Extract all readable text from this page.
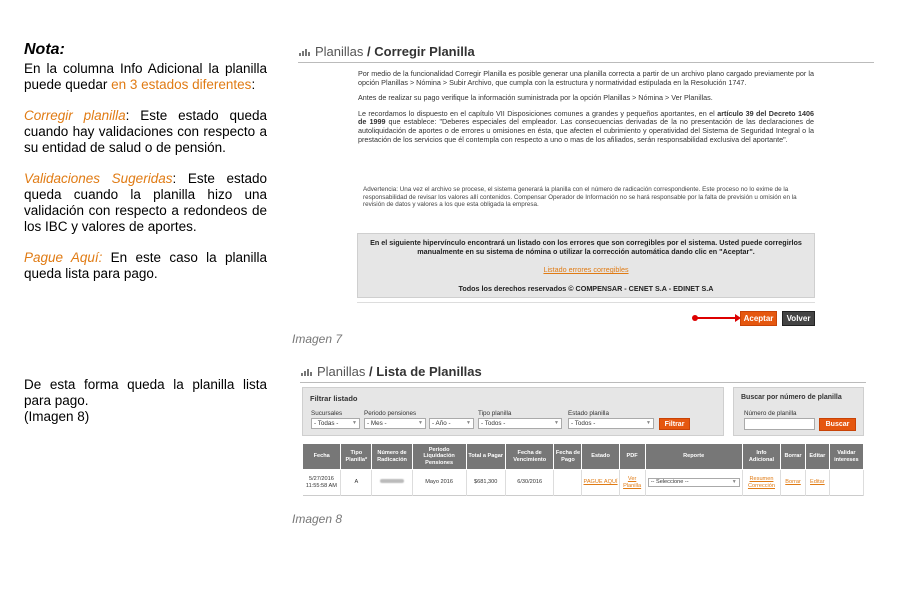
Nota:

En la columna Info Adicional la planilla puede quedar en 3 estados diferentes:

Corregir planilla: Este estado queda cuando hay validaciones con respecto a su entidad de salud o de pensión.

Validaciones Sugeridas: Este estado queda cuando la planilla hizo una validación con respecto a redondeos de los IBC y valores de aportes.

Pague Aquí: En este caso la planilla queda lista para pago.

De esta forma queda la planilla lista para pago.
(Imagen 8)
Planillas / Corregir Planilla

Por medio de la funcionalidad Corregir Planilla es posible generar una planilla correcta a partir de un archivo plano cargado previamente por la opción Planillas > Nómina > Subir Archivo, que cumpla con la estructura y normatividad estipulada en la Resolución 1747.

Antes de realizar su pago verifique la información suministrada por la opción Planillas > Nómina > Ver Planillas.

Le recordamos lo dispuesto en el capítulo VII Disposiciones comunes a grandes y pequeños aportantes, en el artículo 39 del Decreto 1406 de 1999 que establece: "Deberes especiales del empleador. Las consecuencias derivadas de la no presentación de las declaraciones de autoliquidación de aportes o de errores u omisiones en ésta, que afecten el cubrimiento y operatividad del Sistema de Seguridad Integral o la prestación de los servicios que él contempla con respecto a uno o mas de los afiliados, serán responsabilidad exclusiva del aportante".

Advertencia: Una vez el archivo se procese, el sistema generará la planilla con el número de radicación correspondiente. Este proceso no lo exime de la responsabilidad de revisar los valores allí contenidos. Compensar Operador de Información no se hará responsable por la falta de previsión u omisión en la revisión de datos y valores a los que esta obligada la empresa.
En el siguiente hipervínculo encontrará un listado con los errores que son corregibles por el sistema. Usted puede corregirlos manualmente en su sistema de nómina o utilizar la corrección automática dando clic en "Aceptar".
Listado errores corregibles
Todos los derechos reservados © COMPENSAR - CENET S.A - EDINET S.A
Aceptar	Volver
Imagen 7
Planillas / Lista de Planillas
Filtrar listado
Sucursales	Periodo pensiones	Tipo planilla	Estado planilla
- Todas -	▼	- Mes -	▼	- Año -	▼	- Todos -	▼	- Todos -	▼	Filtrar
Buscar por número de planilla
Número de planilla
Buscar
Fecha	Tipo Planilla*	Número de Radicación	Periodo Liquidación Pensiones	Total a Pagar	Fecha de Vencimiento	Fecha de Pago	Estado	PDF	Reporte	Info Adicional	Borrar	Editar	Validar intereses
5/27/2016 11:55:58 AM	A		Mayo 2016	$681,300	6/30/2016		PAGUE AQUÍ	Ver Planilla	-- Seleccione -- ▼	Resumen Corrección	Borrar	Editar	
Imagen 8
